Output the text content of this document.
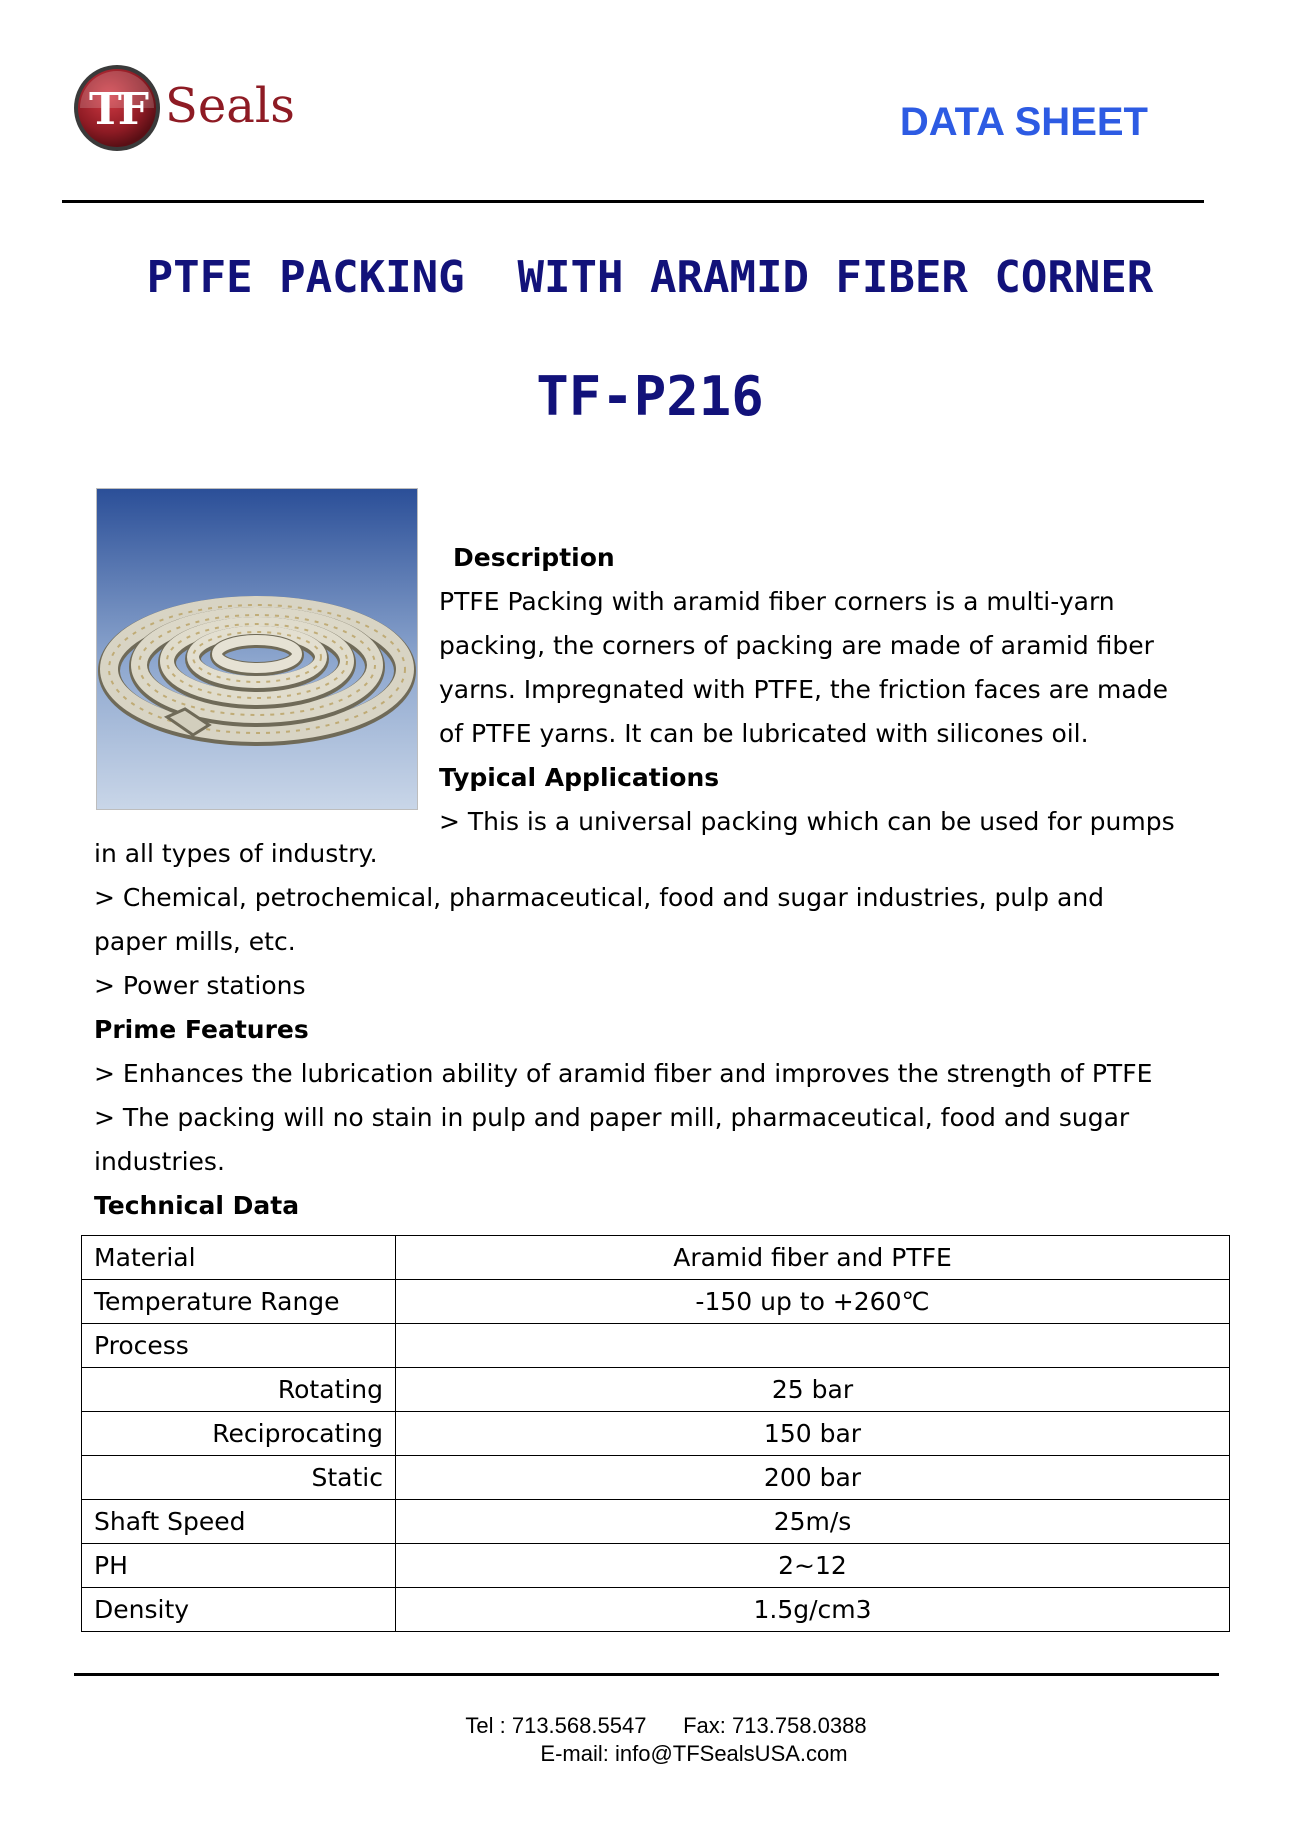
TF Seals	DATA SHEET
PTFE PACKING  WITH ARAMID FIBER CORNER
TF-P216
Description
PTFE Packing with aramid fiber corners is a multi-yarn
packing, the corners of packing are made of aramid fiber
yarns. Impregnated with PTFE, the friction faces are made
of PTFE yarns. It can be lubricated with silicones oil.
Typical Applications
> This is a universal packing which can be used for pumps
in all types of industry.
> Chemical, petrochemical, pharmaceutical, food and sugar industries, pulp and
paper mills, etc.
> Power stations
Prime Features
> Enhances the lubrication ability of aramid fiber and improves the strength of PTFE
> The packing will no stain in pulp and paper mill, pharmaceutical, food and sugar
industries.
Technical Data
Material	Aramid fiber and PTFE
Temperature Range	-150 up to +260℃
Process	
Rotating	25 bar
Reciprocating	150 bar
Static	200 bar
Shaft Speed	25m/s
PH	2~12
Density	1.5g/cm3
Tel : 713.568.5547      Fax: 713.758.0388
E-mail: info@TFSealsUSA.com
